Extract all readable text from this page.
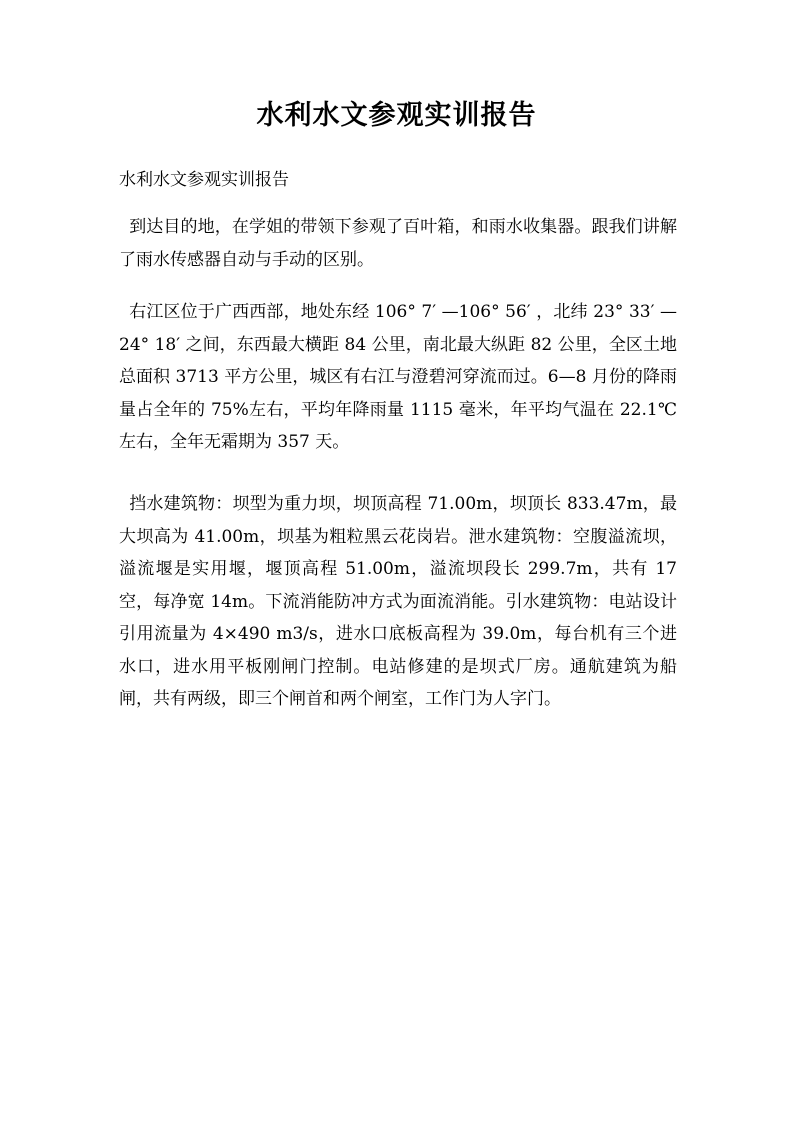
水利水文参观实训报告
水利水文参观实训报告

到达目的地，在学姐的带领下参观了百叶箱，和雨水收集器。跟我们讲解了雨水传感器自动与手动的区别。

右江区位于广西西部，地处东经 106° 7′ —106° 56′ ，北纬 23° 33′ —24° 18′ 之间，东西最大横距 84 公里，南北最大纵距 82 公里，全区土地总面积 3713 平方公里，城区有右江与澄碧河穿流而过。6—8 月份的降雨量占全年的 75%左右，平均年降雨量 1115 毫米，年平均气温在 22.1℃左右，全年无霜期为 357 天。

挡水建筑物：坝型为重力坝，坝顶高程 71.00m，坝顶长 833.47m，最大坝高为 41.00m，坝基为粗粒黑云花岗岩。泄水建筑物：空腹溢流坝，溢流堰是实用堰，堰顶高程 51.00m，溢流坝段长 299.7m，共有 17 空，每净宽 14m。下流消能防冲方式为面流消能。引水建筑物：电站设计引用流量为 4×490 m3/s，进水口底板高程为 39.0m，每台机有三个进水口，进水用平板刚闸门控制。电站修建的是坝式厂房。通航建筑为船闸，共有两级，即三个闸首和两个闸室，工作门为人字门。
